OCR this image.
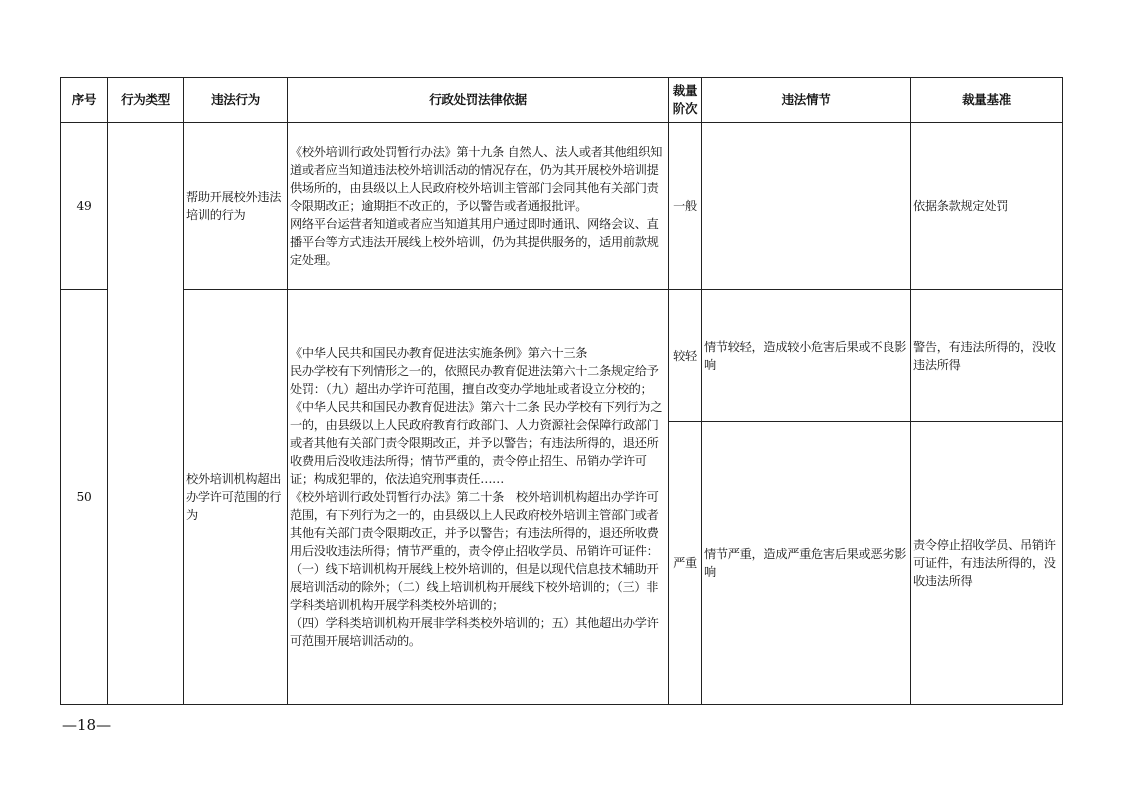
序号	行为类型	违法行为	行政处罚法律依据	裁量阶次	违法情节	裁量基准
49		帮助开展校外违法培训的行为	《校外培训行政处罚暂行办法》第十九条 自然人、法人或者其他组织知道或者应当知道违法校外培训活动的情况存在，仍为其开展校外培训提供场所的，由县级以上人民政府校外培训主管部门会同其他有关部门责令限期改正；逾期拒不改正的，予以警告或者通报批评。
网络平台运营者知道或者应当知道其用户通过即时通讯、网络会议、直播平台等方式违法开展线上校外培训，仍为其提供服务的，适用前款规定处理。	一般		依据条款规定处罚
50		校外培训机构超出办学许可范围的行为	《中华人民共和国民办教育促进法实施条例》第六十三条
民办学校有下列情形之一的，依照民办教育促进法第六十二条规定给予处罚：（九）超出办学许可范围，擅自改变办学地址或者设立分校的；
《中华人民共和国民办教育促进法》第六十二条 民办学校有下列行为之一的，由县级以上人民政府教育行政部门、人力资源社会保障行政部门或者其他有关部门责令限期改正，并予以警告；有违法所得的，退还所收费用后没收违法所得；情节严重的，责令停止招生、吊销办学许可证；构成犯罪的，依法追究刑事责任……
《校外培训行政处罚暂行办法》第二十条　校外培训机构超出办学许可范围，有下列行为之一的，由县级以上人民政府校外培训主管部门或者其他有关部门责令限期改正，并予以警告；有违法所得的，退还所收费用后没收违法所得；情节严重的，责令停止招收学员、吊销许可证件：（一）线下培训机构开展线上校外培训的，但是以现代信息技术辅助开展培训活动的除外；（二）线上培训机构开展线下校外培训的；（三）非学科类培训机构开展学科类校外培训的；
（四）学科类培训机构开展非学科类校外培训的；五）其他超出办学许可范围开展培训活动的。	较轻	情节较轻，造成较小危害后果或不良影响	警告，有违法所得的，没收违法所得
				严重	情节严重，造成严重危害后果或恶劣影响	责令停止招收学员、吊销许可证件，有违法所得的，没收违法所得
—18—
